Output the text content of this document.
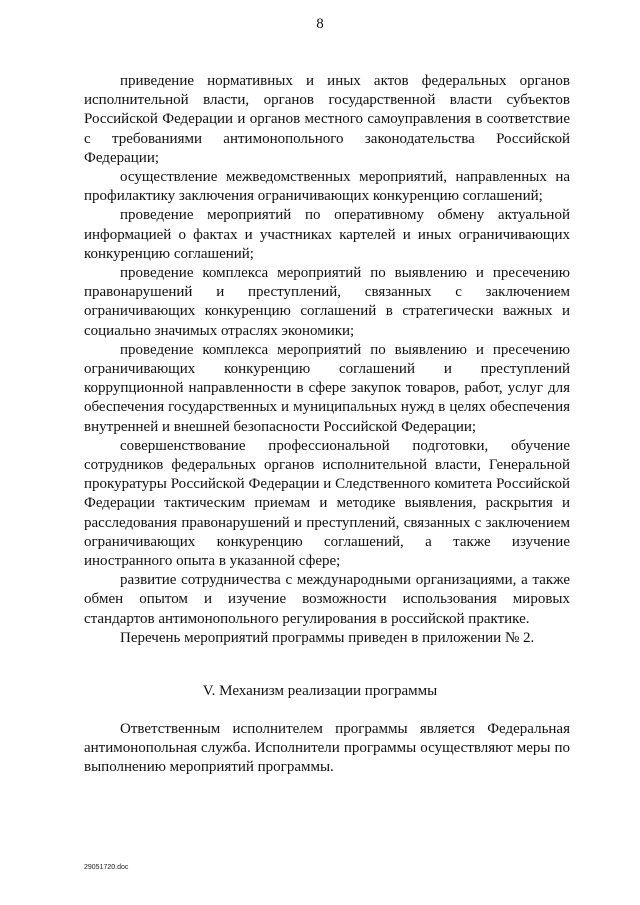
8

приведение нормативных и иных актов федеральных органов исполнительной власти, органов государственной власти субъектов Российской Федерации и органов местного самоуправления в соответствие с требованиями антимонопольного законодательства Российской Федерации;

осуществление межведомственных мероприятий, направленных на профилактику заключения ограничивающих конкуренцию соглашений;

проведение мероприятий по оперативному обмену актуальной информацией о фактах и участниках картелей и иных ограничивающих конкуренцию соглашений;

проведение комплекса мероприятий по выявлению и пресечению правонарушений и преступлений, связанных с заключением ограничивающих конкуренцию соглашений в стратегически важных и социально значимых отраслях экономики;

проведение комплекса мероприятий по выявлению и пресечению ограничивающих конкуренцию соглашений и преступлений коррупционной направленности в сфере закупок товаров, работ, услуг для обеспечения государственных и муниципальных нужд в целях обеспечения внутренней и внешней безопасности Российской Федерации;

совершенствование профессиональной подготовки, обучение сотрудников федеральных органов исполнительной власти, Генеральной прокуратуры Российской Федерации и Следственного комитета Российской Федерации тактическим приемам и методике выявления, раскрытия и расследования правонарушений и преступлений, связанных с заключением ограничивающих конкуренцию соглашений, а также изучение иностранного опыта в указанной сфере;

развитие сотрудничества с международными организациями, а также обмен опытом и изучение возможности использования мировых стандартов антимонопольного регулирования в российской практике.

Перечень мероприятий программы приведен в приложении № 2.

V. Механизм реализации программы

Ответственным исполнителем программы является Федеральная антимонопольная служба. Исполнители программы осуществляют меры по выполнению мероприятий программы.

29051720.doc
